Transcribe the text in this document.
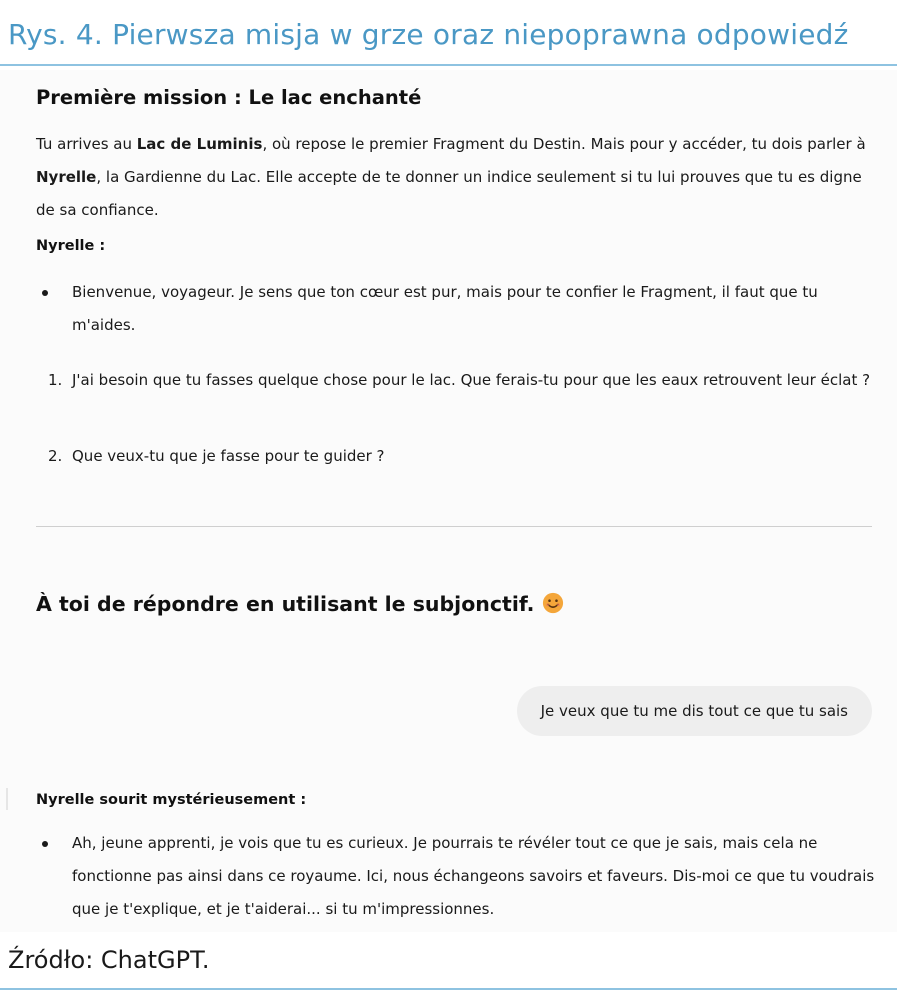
Rys. 4. Pierwsza misja w grze oraz niepoprawna odpowiedź
Première mission : Le lac enchanté

Tu arrives au Lac de Luminis, où repose le premier Fragment du Destin. Mais pour y accéder, tu dois parler à Nyrelle, la Gardienne du Lac. Elle accepte de te donner un indice seulement si tu lui prouves que tu es digne de sa confiance.

Nyrelle :

Bienvenue, voyageur. Je sens que ton cœur est pur, mais pour te confier le Fragment, il faut que tu m'aides.
1. J'ai besoin que tu fasses quelque chose pour le lac. Que ferais-tu pour que les eaux retrouvent leur éclat ?
2. Que veux-tu que je fasse pour te guider ?
À toi de répondre en utilisant le subjonctif.
Je veux que tu me dis tout ce que tu sais

Nyrelle sourit mystérieusement :

Ah, jeune apprenti, je vois que tu es curieux. Je pourrais te révéler tout ce que je sais, mais cela ne fonctionne pas ainsi dans ce royaume. Ici, nous échangeons savoirs et faveurs. Dis-moi ce que tu voudrais que je t'explique, et je t'aiderai... si tu m'impressionnes.
Źródło: ChatGPT.
